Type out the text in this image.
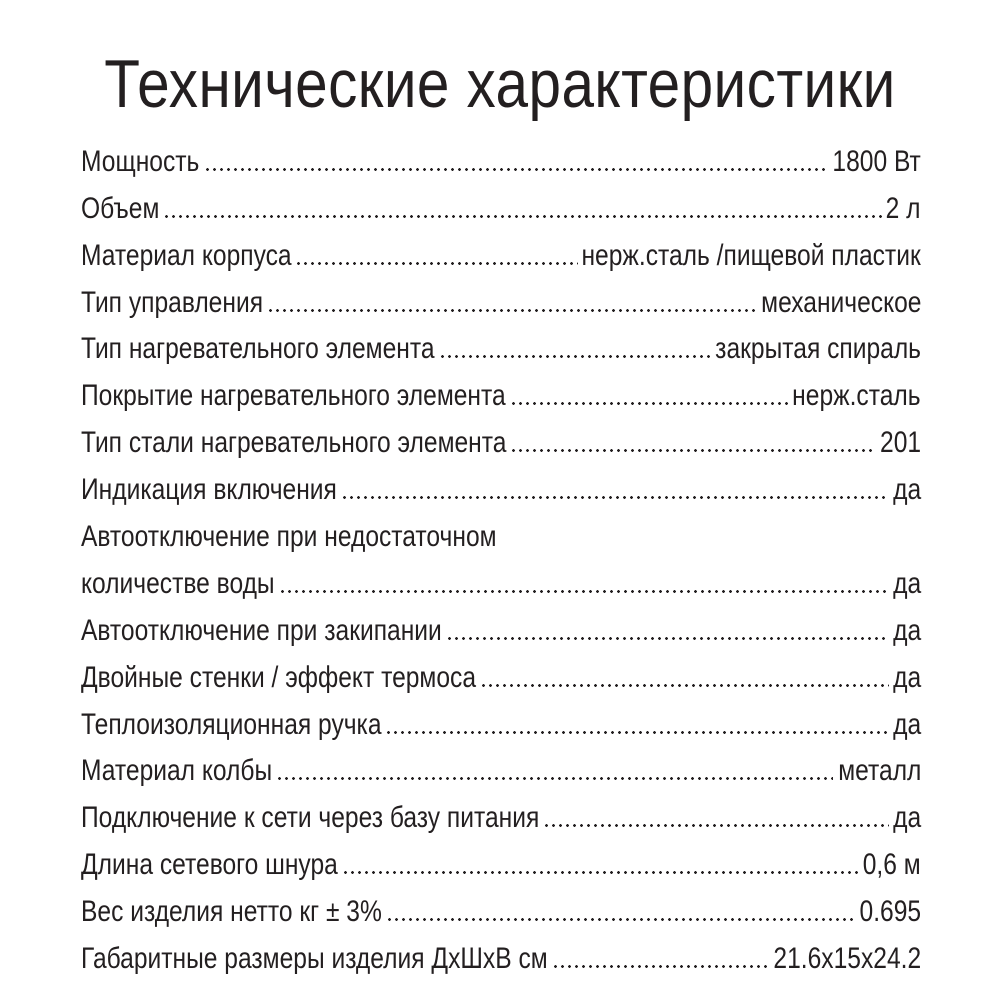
Технические характеристики
Мощность	1800 Вт
Объем	2 л
Материал корпуса	нерж.сталь /пищевой пластик
Тип управления	механическое
Тип нагревательного элемента	закрытая спираль
Покрытие нагревательного элемента	нерж.сталь
Тип стали нагревательного элемента	201
Индикация включения	да
Автоотключение при недостаточном
количестве воды	да
Автоотключение при закипании	да
Двойные стенки / эффект термоса	да
Теплоизоляционная ручка	да
Материал колбы	металл
Подключение к сети через базу питания	да
Длина сетевого шнура	0,6 м
Вес изделия нетто кг ± 3%	0.695
Габаритные размеры изделия ДхШхВ см	21.6x15x24.2
